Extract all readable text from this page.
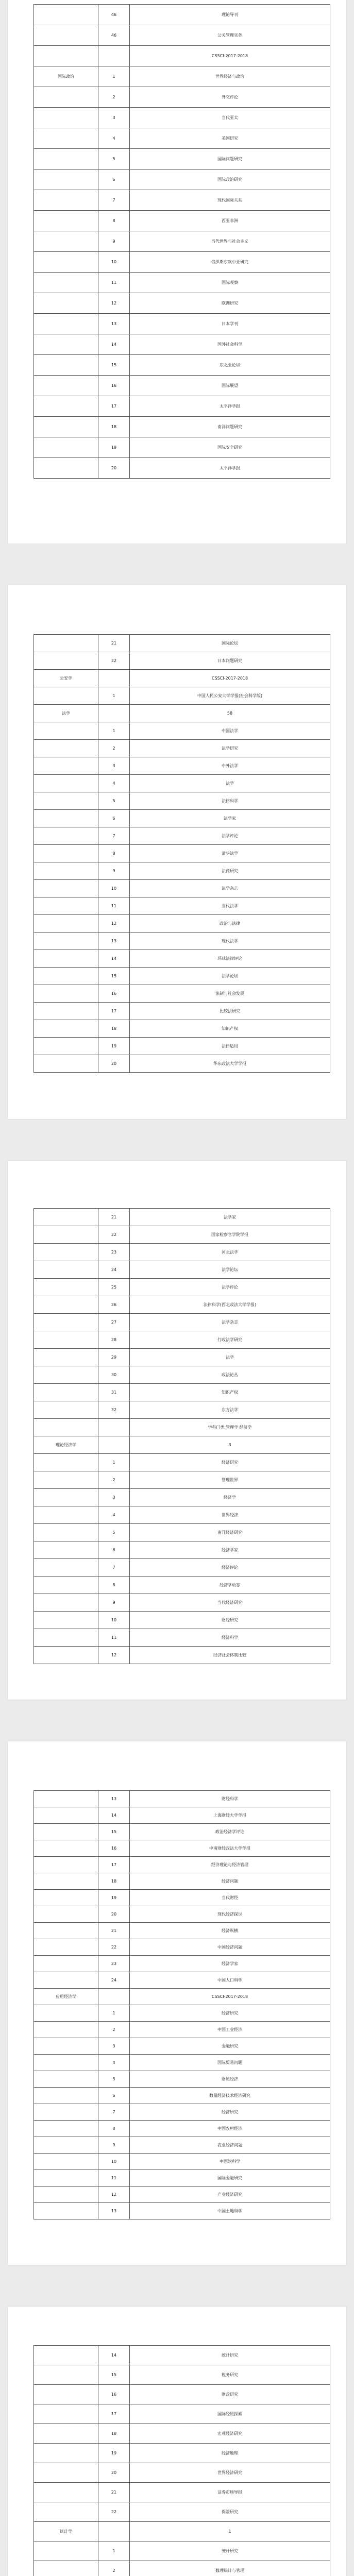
	46	理论导刊
	46	公关管理实务
		CSSCI-2017-2018
国际政治	1	世界经济与政治
	2	外交评论
	3	当代亚太
	4	美国研究
	5	国际问题研究
	6	国际政治研究
	7	现代国际关系
	8	西亚非洲
	9	当代世界与社会主义
	10	俄罗斯东欧中亚研究
	11	国际观察
	12	欧洲研究
	13	日本学刊
	14	国外社会科学
	15	东北亚论坛
	16	国际展望
	17	太平洋学报
	18	南洋问题研究
	19	国际安全研究
	20	太平洋学报
	21	国际论坛
	22	日本问题研究
公安学		CSSCI-2017-2018
	1	中国人民公安大学学报(社会科学版)
法学		58
	1	中国法学
	2	法学研究
	3	中外法学
	4	法学
	5	法律科学
	6	法学家
	7	法学评论
	8	清华法学
	9	法商研究
	10	法学杂志
	11	当代法学
	12	政治与法律
	13	现代法学
	14	环球法律评论
	15	法学论坛
	16	法制与社会发展
	17	比较法研究
	18	知识产权
	19	法律适用
	20	华东政法大学学报
	21	法学家
	22	国家检察官学院学报
	23	河北法学
	24	法学论坛
	25	法学评论
	26	法律科学(西北政法大学学报)
	27	法学杂志
	28	行政法学研究
	29	法学
	30	政法论丛
	31	知识产权
	32	东方法学
		学科门类:管理学 经济学
理论经济学		3
	1	经济研究
	2	管理世界
	3	经济学
	4	世界经济
	5	南开经济研究
	6	经济学家
	7	经济评论
	8	经济学动态
	9	当代经济研究
	10	财经研究
	11	经济科学
	12	经济社会体制比较
	13	财经科学
	14	上海财经大学学报
	15	政治经济学评论
	16	中南财经政法大学学报
	17	经济理论与经济管理
	18	经济问题
	19	当代财经
	20	现代经济探讨
	21	经济纵横
	22	中国经济问题
	23	经济学家
	24	中国人口科学
应用经济学		CSSCI-2017-2018
	1	经济研究
	2	中国工业经济
	3	金融研究
	4	国际贸易问题
	5	财贸经济
	6	数量经济技术经济研究
	7	经济研究
	8	中国农村经济
	9	农业经济问题
	10	中国软科学
	11	国际金融研究
	12	产业经济研究
	13	中国土地科学
	14	统计研究
	15	税务研究
	16	财政研究
	17	国际经贸探索
	18	宏观经济研究
	19	经济地理
	20	世界经济研究
	21	证券市场导报
	22	保险研究
统计学		1
	1	统计研究
	2	数理统计与管理
